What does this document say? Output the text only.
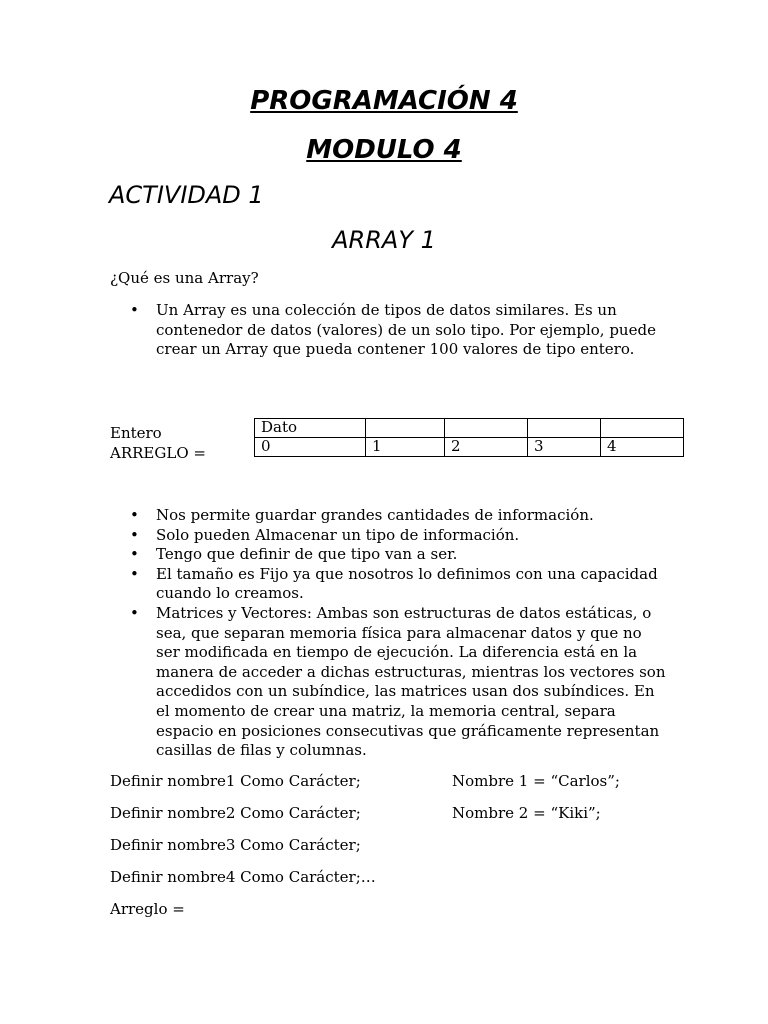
PROGRAMACIÓN 4
MODULO 4
ACTIVIDAD 1
ARRAY 1
¿Qué es una Array?
• Un Array es una colección de tipos de datos similares. Es un contenedor de datos (valores) de un solo tipo. Por ejemplo, puede crear un Array que pueda contener 100 valores de tipo entero.
Entero
ARREGLO =
Dato				
0	1	2	3	4
• Nos permite guardar grandes cantidades de información.
• Solo pueden Almacenar un tipo de información.
• Tengo que definir de que tipo van a ser.
• El tamaño es Fijo ya que nosotros lo definimos con una capacidad cuando lo creamos.
• Matrices y Vectores: Ambas son estructuras de datos estáticas, o sea, que separan memoria física para almacenar datos y que no ser modificada en tiempo de ejecución. La diferencia está en la manera de acceder a dichas estructuras, mientras los vectores son accedidos con un subíndice, las matrices usan dos subíndices. En el momento de crear una matriz, la memoria central, separa espacio en posiciones consecutivas que gráficamente representan casillas de filas y columnas.
Definir nombre1 Como Carácter;
Definir nombre2 Como Carácter;
Definir nombre3 Como Carácter;
Definir nombre4 Como Carácter;…
Arreglo =
Nombre 1 = “Carlos”;
Nombre 2 = “Kiki”;
